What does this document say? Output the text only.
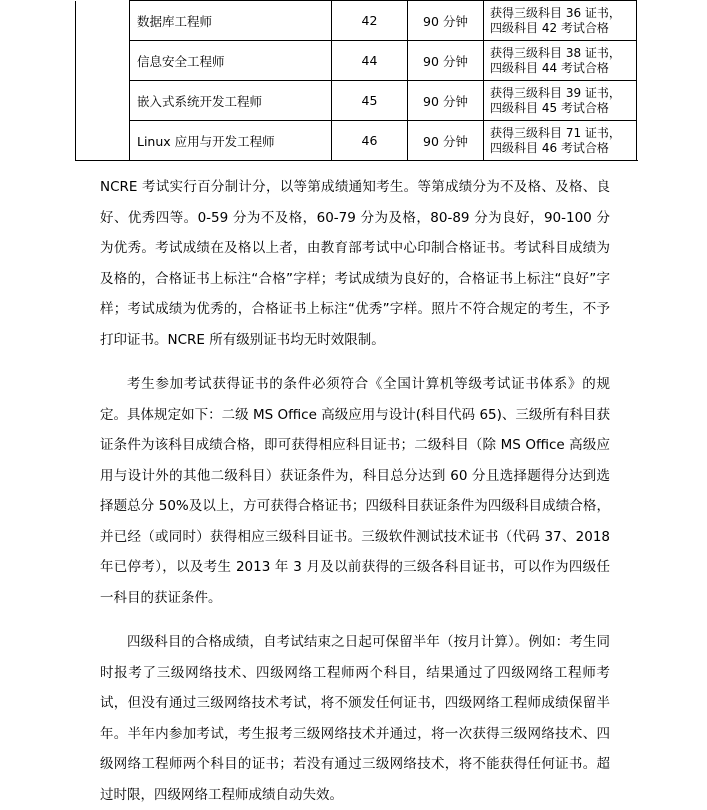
	数据库工程师	42	90 分钟	获得三级科目 36 证书，
四级科目 42 考试合格

	信息安全工程师	44	90 分钟	获得三级科目 38 证书，
四级科目 44 考试合格

	嵌入式系统开发工程师	45	90 分钟	获得三级科目 39 证书，
四级科目 45 考试合格

	Linux 应用与开发工程师	46	90 分钟	获得三级科目 71 证书，
四级科目 46 考试合格

NCRE 考试实行百分制计分，以等第成绩通知考生。等第成绩分为不及格、及格、良好、优秀四等。0-59 分为不及格，60-79 分为及格，80-89 分为良好，90-100 分为优秀。考试成绩在及格以上者，由教育部考试中心印制合格证书。考试科目成绩为及格的，合格证书上标注“合格”字样；考试成绩为良好的，合格证书上标注“良好”字样；考试成绩为优秀的，合格证书上标注“优秀”字样。照片不符合规定的考生，不予打印证书。NCRE 所有级别证书均无时效限制。

考生参加考试获得证书的条件必须符合《全国计算机等级考试证书体系》的规定。具体规定如下：二级 MS Office 高级应用与设计(科目代码 65)、三级所有科目获证条件为该科目成绩合格，即可获得相应科目证书；二级科目（除 MS Office 高级应用与设计外的其他二级科目）获证条件为，科目总分达到 60 分且选择题得分达到选择题总分 50%及以上，方可获得合格证书；四级科目获证条件为四级科目成绩合格，并已经（或同时）获得相应三级科目证书。三级软件测试技术证书（代码 37、2018 年已停考），以及考生 2013 年 3 月及以前获得的三级各科目证书，可以作为四级任一科目的获证条件。

四级科目的合格成绩，自考试结束之日起可保留半年（按月计算）。例如：考生同时报考了三级网络技术、四级网络工程师两个科目，结果通过了四级网络工程师考试，但没有通过三级网络技术考试，将不颁发任何证书，四级网络工程师成绩保留半年。半年内参加考试，考生报考三级网络技术并通过，将一次获得三级网络技术、四级网络工程师两个科目的证书；若没有通过三级网络技术，将不能获得任何证书。超过时限，四级网络工程师成绩自动失效。
